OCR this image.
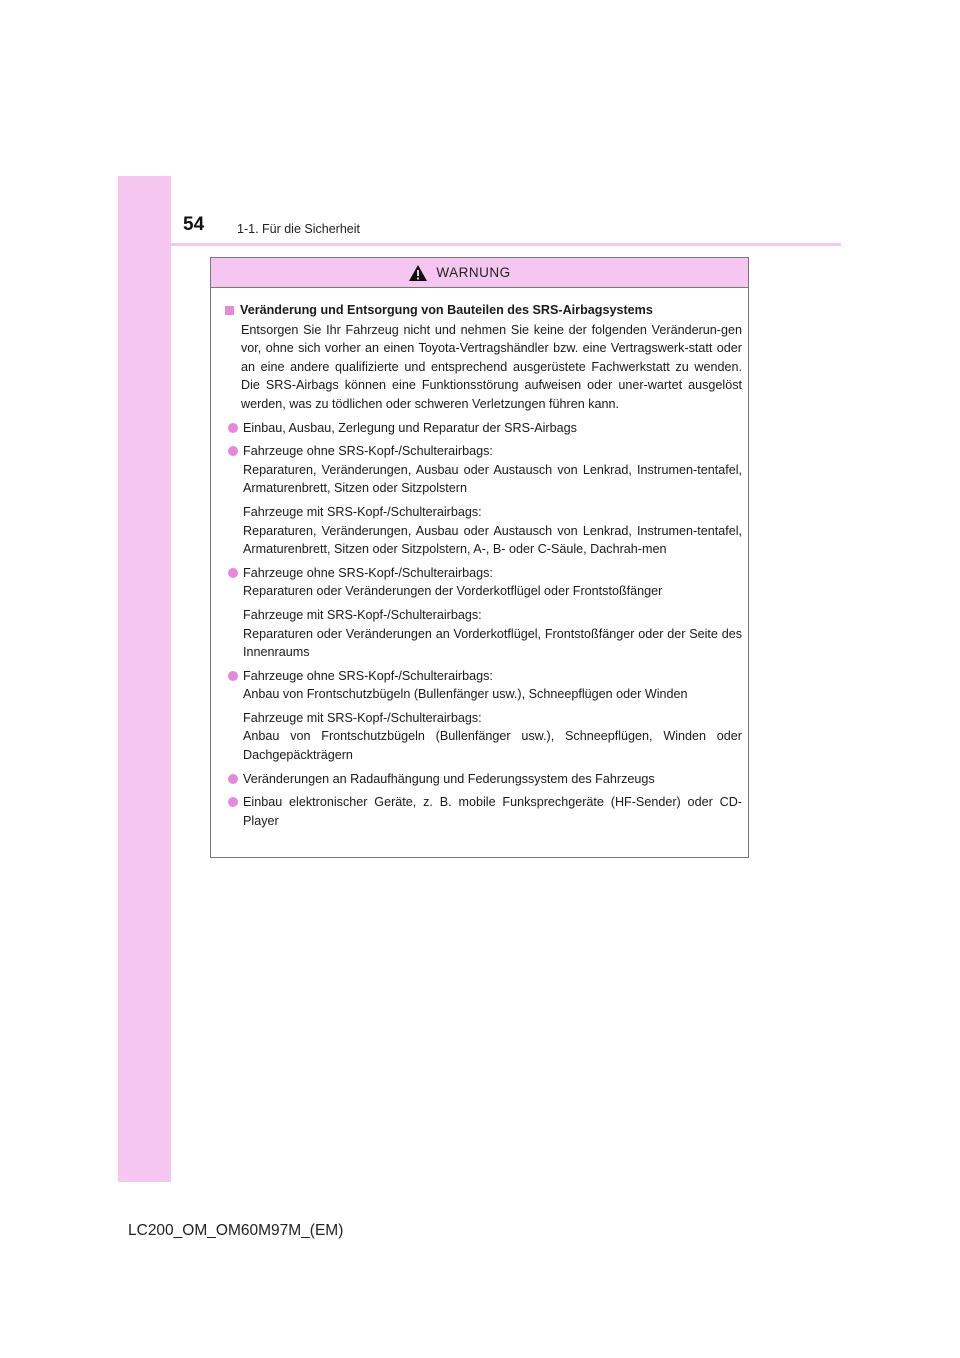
54	1-1. Für die Sicherheit
WARNUNG
Veränderung und Entsorgung von Bauteilen des SRS-Airbagsystems

Entsorgen Sie Ihr Fahrzeug nicht und nehmen Sie keine der folgenden Veränderun-gen vor, ohne sich vorher an einen Toyota-Vertragshändler bzw. eine Vertragswerk-statt oder an eine andere qualifizierte und entsprechend ausgerüstete Fachwerkstatt zu wenden. Die SRS-Airbags können eine Funktionsstörung aufweisen oder uner-wartet ausgelöst werden, was zu tödlichen oder schweren Verletzungen führen kann.

Einbau, Ausbau, Zerlegung und Reparatur der SRS-Airbags

Fahrzeuge ohne SRS-Kopf-/Schulterairbags:
Reparaturen, Veränderungen, Ausbau oder Austausch von Lenkrad, Instrumen-tentafel, Armaturenbrett, Sitzen oder Sitzpolstern

Fahrzeuge mit SRS-Kopf-/Schulterairbags:
Reparaturen, Veränderungen, Ausbau oder Austausch von Lenkrad, Instrumen-tentafel, Armaturenbrett, Sitzen oder Sitzpolstern, A-, B- oder C-Säule, Dachrah-men

Fahrzeuge ohne SRS-Kopf-/Schulterairbags:
Reparaturen oder Veränderungen der Vorderkotflügel oder Frontstoßfänger

Fahrzeuge mit SRS-Kopf-/Schulterairbags:
Reparaturen oder Veränderungen an Vorderkotflügel, Frontstoßfänger oder der Seite des Innenraums

Fahrzeuge ohne SRS-Kopf-/Schulterairbags:
Anbau von Frontschutzbügeln (Bullenfänger usw.), Schneepflügen oder Winden

Fahrzeuge mit SRS-Kopf-/Schulterairbags:
Anbau von Frontschutzbügeln (Bullenfänger usw.), Schneepflügen, Winden oder Dachgepäckträgern

Veränderungen an Radaufhängung und Federungssystem des Fahrzeugs

Einbau elektronischer Geräte, z. B. mobile Funksprechgeräte (HF-Sender) oder CD-Player

LC200_OM_OM60M97M_(EM)
